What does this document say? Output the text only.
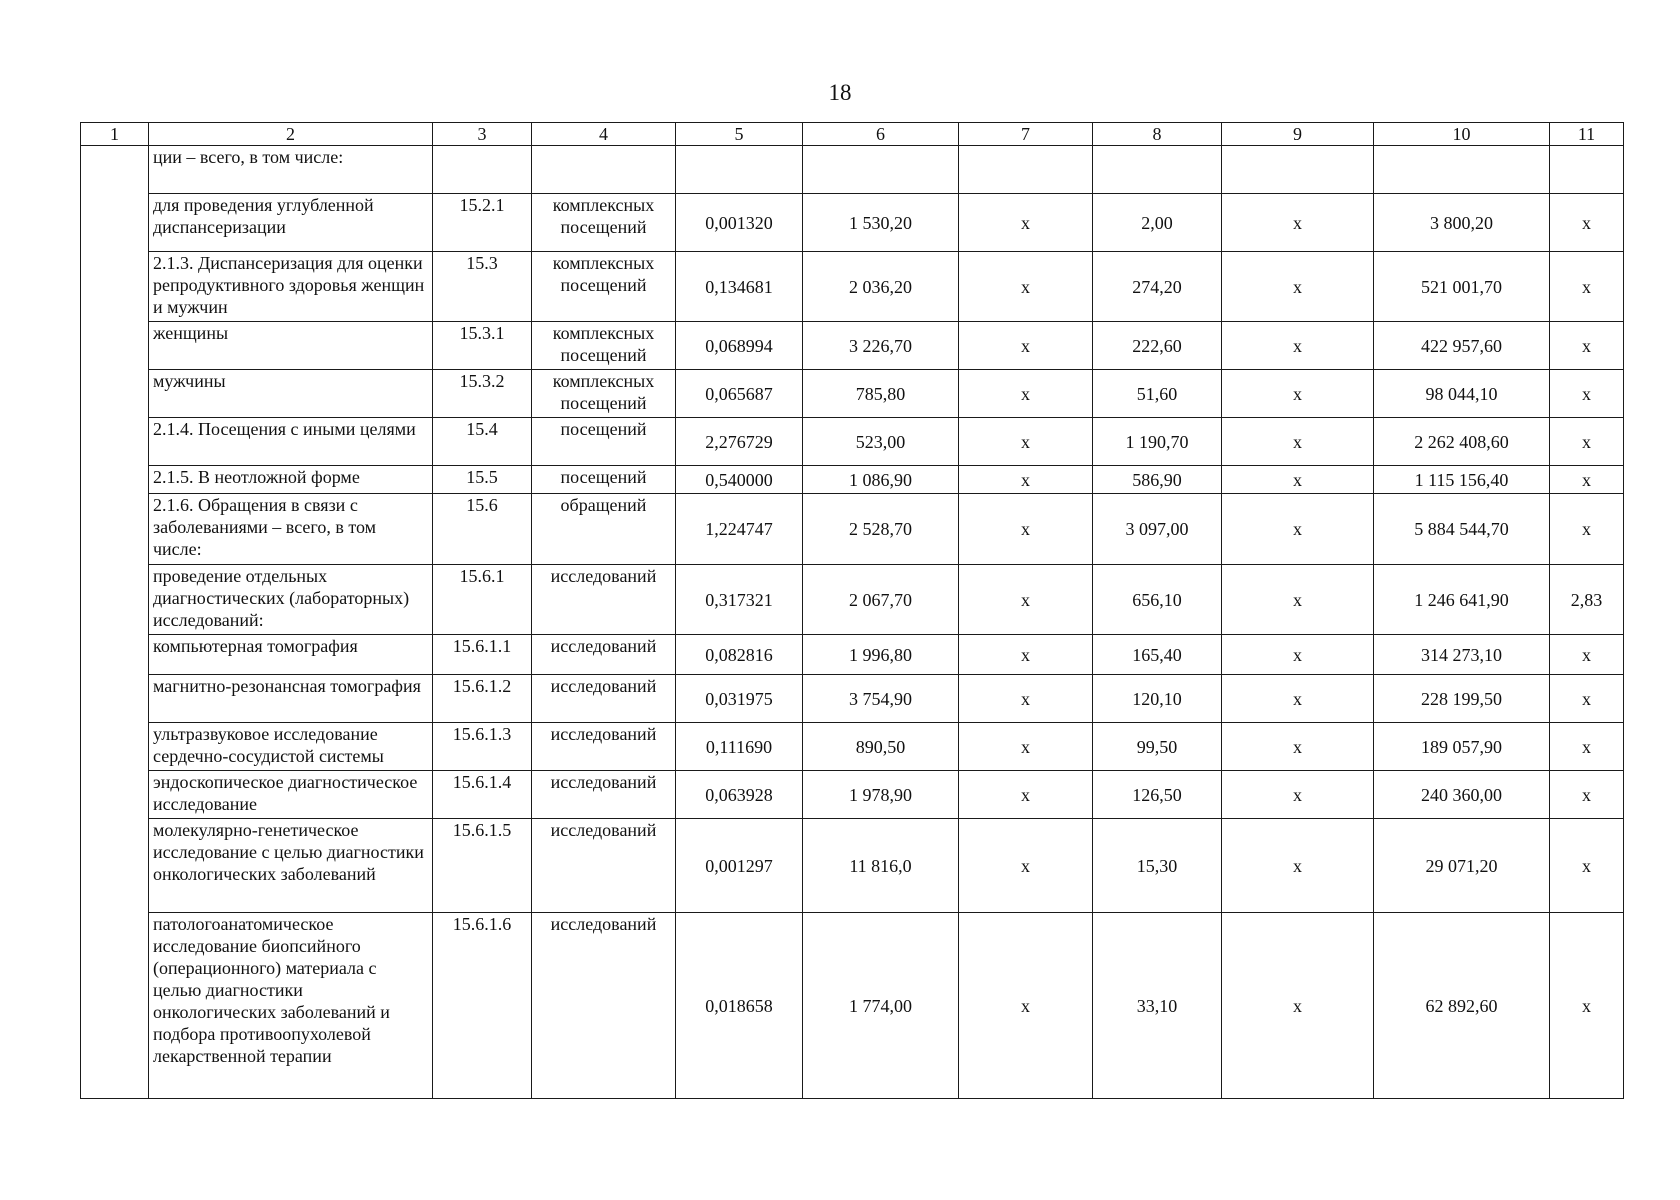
18
1	2	3	4	5	6	7	8	9	10	11
	ции – всего, в том числе:									
	для проведения углубленной диспансеризации	15.2.1	комплексных посещений	0,001320	1 530,20	х	2,00	х	3 800,20	х
	2.1.3. Диспансеризация для оценки репродуктивного здоровья женщин и мужчин	15.3	комплексных посещений	0,134681	2 036,20	х	274,20	х	521 001,70	х
	женщины	15.3.1	комплексных посещений	0,068994	3 226,70	х	222,60	х	422 957,60	х
	мужчины	15.3.2	комплексных посещений	0,065687	785,80	х	51,60	х	98 044,10	х
	2.1.4. Посещения с иными целями	15.4	посещений	2,276729	523,00	х	1 190,70	х	2 262 408,60	х
	2.1.5. В неотложной форме	15.5	посещений	0,540000	1 086,90	х	586,90	х	1 115 156,40	х
	2.1.6. Обращения в связи с заболеваниями – всего, в том числе:	15.6	обращений	1,224747	2 528,70	х	3 097,00	х	5 884 544,70	х
	проведение отдельных диагностических (лабораторных) исследований:	15.6.1	исследований	0,317321	2 067,70	х	656,10	х	1 246 641,90	2,83
	компьютерная томография	15.6.1.1	исследований	0,082816	1 996,80	х	165,40	х	314 273,10	х
	магнитно-резонансная томография	15.6.1.2	исследований	0,031975	3 754,90	х	120,10	х	228 199,50	х
	ультразвуковое исследование сердечно-сосудистой системы	15.6.1.3	исследований	0,111690	890,50	х	99,50	х	189 057,90	х
	эндоскопическое диагностическое исследование	15.6.1.4	исследований	0,063928	1 978,90	х	126,50	х	240 360,00	х
	молекулярно-генетическое исследование с целью диагностики онкологических заболеваний	15.6.1.5	исследований	0,001297	11 816,0	х	15,30	х	29 071,20	х
	патологоанатомическое исследование биопсийного (операционного) материала с целью диагностики онкологических заболеваний и подбора противоопухолевой лекарственной терапии	15.6.1.6	исследований	0,018658	1 774,00	х	33,10	х	62 892,60	х
